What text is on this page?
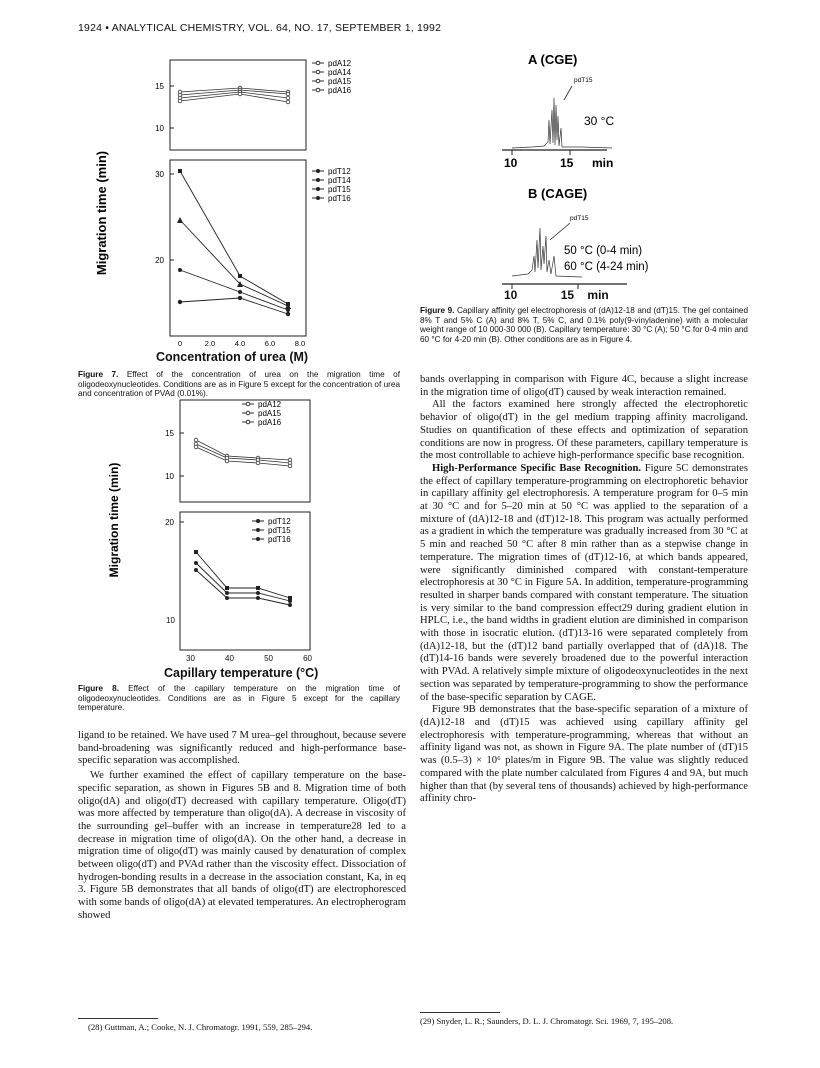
1924 • ANALYTICAL CHEMISTRY, VOL. 64, NO. 17, SEPTEMBER 1, 1992
Migration time (min)
15
10
30
20
0	2.0	4.0	6.0	8.0
pdA12
pdA14
pdA15
pdA16
pdT12
pdT14
pdT15
pdT16
Concentration of urea (M)
Figure 7. Effect of the concentration of urea on the migration time of oligodeoxynucleotides. Conditions are as in Figure 5 except for the concentration of urea and concentration of PVAd (0.01%).
Migration time (min)
15
10
20
pdA12
pdA15
pdA16
pdT12
pdT15
pdT16
10
30	40	50	60
Capillary temperature (°C)
Figure 8. Effect of the capillary temperature on the migration time of oligodeoxynucleotides. Conditions are as in Figure 5 except for the capillary temperature.

ligand to be retained. We have used 7 M urea–gel throughout, because severe band-broadening was significantly reduced and high-performance base-specific separation was accomplished.

We further examined the effect of capillary temperature on the base-specific separation, as shown in Figures 5B and 8. Migration time of both oligo(dA) and oligo(dT) decreased with capillary temperature. Oligo(dT) was more affected by temperature than oligo(dA). A decrease in viscosity of the surrounding gel–buffer with an increase in temperature28 led to a decrease in migration time of oligo(dA). On the other hand, a decrease in migration time of oligo(dT) was mainly caused by denaturation of complex between oligo(dT) and PVAd rather than the viscosity effect. Dissociation of hydrogen-bonding results in a decrease in the association constant, Ka, in eq 3. Figure 5B demonstrates that all bands of oligo(dT) are electrophoresced with some bands of oligo(dA) at elevated temperatures. An electropherogram showed

(28) Guttman, A.; Cooke, N. J. Chromatogr. 1991, 559, 285–294.
A (CGE)
pdT15
30 °C
10	15 min
B (CAGE)
pdT15
50 °C (0-4 min)
60 °C (4-24 min)
10	15 min
Figure 9. Capillary affinity gel electrophoresis of (dA)12-18 and (dT)15. The gel contained 8% T and 5% C (A) and 8% T, 5% C, and 0.1% poly(9-vinyladenine) with a molecular weight range of 10 000-30 000 (B). Capillary temperature: 30 °C (A); 50 °C for 0-4 min and 60 °C for 4-20 min (B). Other conditions are as in Figure 4.

bands overlapping in comparison with Figure 4C, because a slight increase in the migration time of oligo(dT) caused by weak interaction remained.

All the factors examined here strongly affected the electrophoretic behavior of oligo(dT) in the gel medium trapping affinity macroligand. Studies on quantification of these effects and optimization of separation conditions are now in progress. Of these parameters, capillary temperature is the most controllable to achieve high-performance specific base recognition.

High-Performance Specific Base Recognition. Figure 5C demonstrates the effect of capillary temperature-programming on electrophoretic behavior in capillary affinity gel electrophoresis. A temperature program for 0–5 min at 30 °C and for 5–20 min at 50 °C was applied to the separation of a mixture of (dA)12-18 and (dT)12-18. This program was actually performed as a gradient in which the temperature was gradually increased from 30 °C at 5 min and reached 50 °C after 8 min rather than as a stepwise change in temperature. The migration times of (dT)12-16, at which bands appeared, were significantly diminished compared with constant-temperature electrophoresis at 30 °C in Figure 5A. In addition, temperature-programming resulted in sharper bands compared with constant temperature. The situation is very similar to the band compression effect29 during gradient elution in HPLC, i.e., the band widths in gradient elution are diminished in comparison with those in isocratic elution. (dT)13-16 were separated completely from (dA)12-18, but the (dT)12 band partially overlapped that of (dA)18. The (dT)14-16 bands were severely broadened due to the powerful interaction with PVAd. A relatively simple mixture of oligodeoxynucleotides in the next section was separated by temperature-programming to show the performance of the base-specific separation by CAGE.

Figure 9B demonstrates that the base-specific separation of a mixture of (dA)12-18 and (dT)15 was achieved using capillary affinity gel electrophoresis with temperature-programming, whereas that without an affinity ligand was not, as shown in Figure 9A. The plate number of (dT)15 was (0.5–3) × 10⁶ plates/m in Figure 9B. The value was slightly reduced compared with the plate number calculated from Figures 4 and 9A, but much higher than that (by several tens of thousands) achieved by high-performance affinity chro-

(29) Snyder, L. R.; Saunders, D. L. J. Chromatogr. Sci. 1969, 7, 195–208.
